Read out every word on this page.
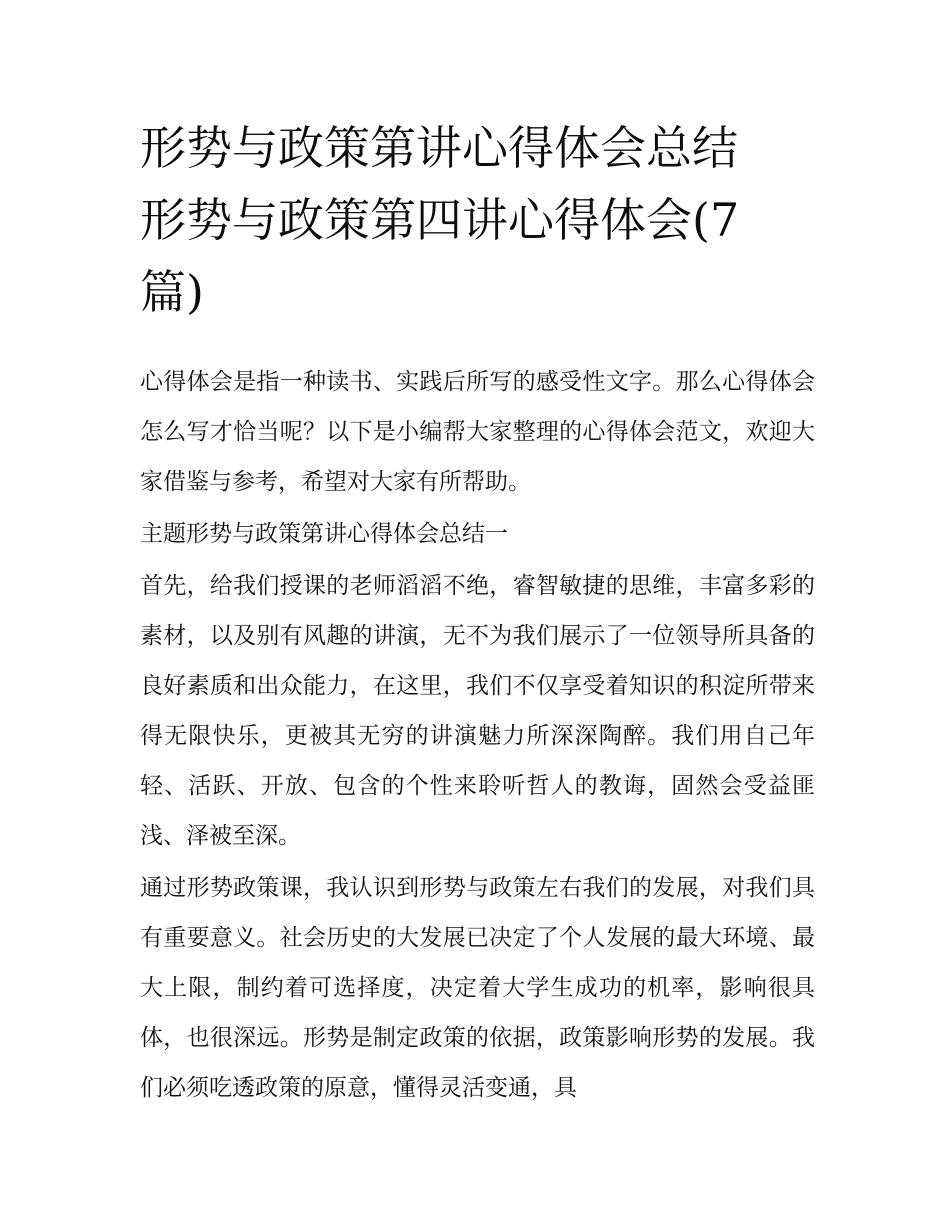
形势与政策第讲心得体会总结
形势与政策第四讲心得体会(7
篇)

心得体会是指一种读书、实践后所写的感受性文字。那么心得体会怎么写才恰当呢？以下是小编帮大家整理的心得体会范文，欢迎大家借鉴与参考，希望对大家有所帮助。

主题形势与政策第讲心得体会总结一

首先，给我们授课的老师滔滔不绝，睿智敏捷的思维，丰富多彩的素材，以及别有风趣的讲演，无不为我们展示了一位领导所具备的良好素质和出众能力，在这里，我们不仅享受着知识的积淀所带来得无限快乐，更被其无穷的讲演魅力所深深陶醉。我们用自己年轻、活跃、开放、包含的个性来聆听哲人的教诲，固然会受益匪浅、泽被至深。

通过形势政策课，我认识到形势与政策左右我们的发展，对我们具有重要意义。社会历史的大发展已决定了个人发展的最大环境、最大上限，制约着可选择度，决定着大学生成功的机率，影响很具体，也很深远。形势是制定政策的依据，政策影响形势的发展。我们必须吃透政策的原意，懂得灵活变通，具
